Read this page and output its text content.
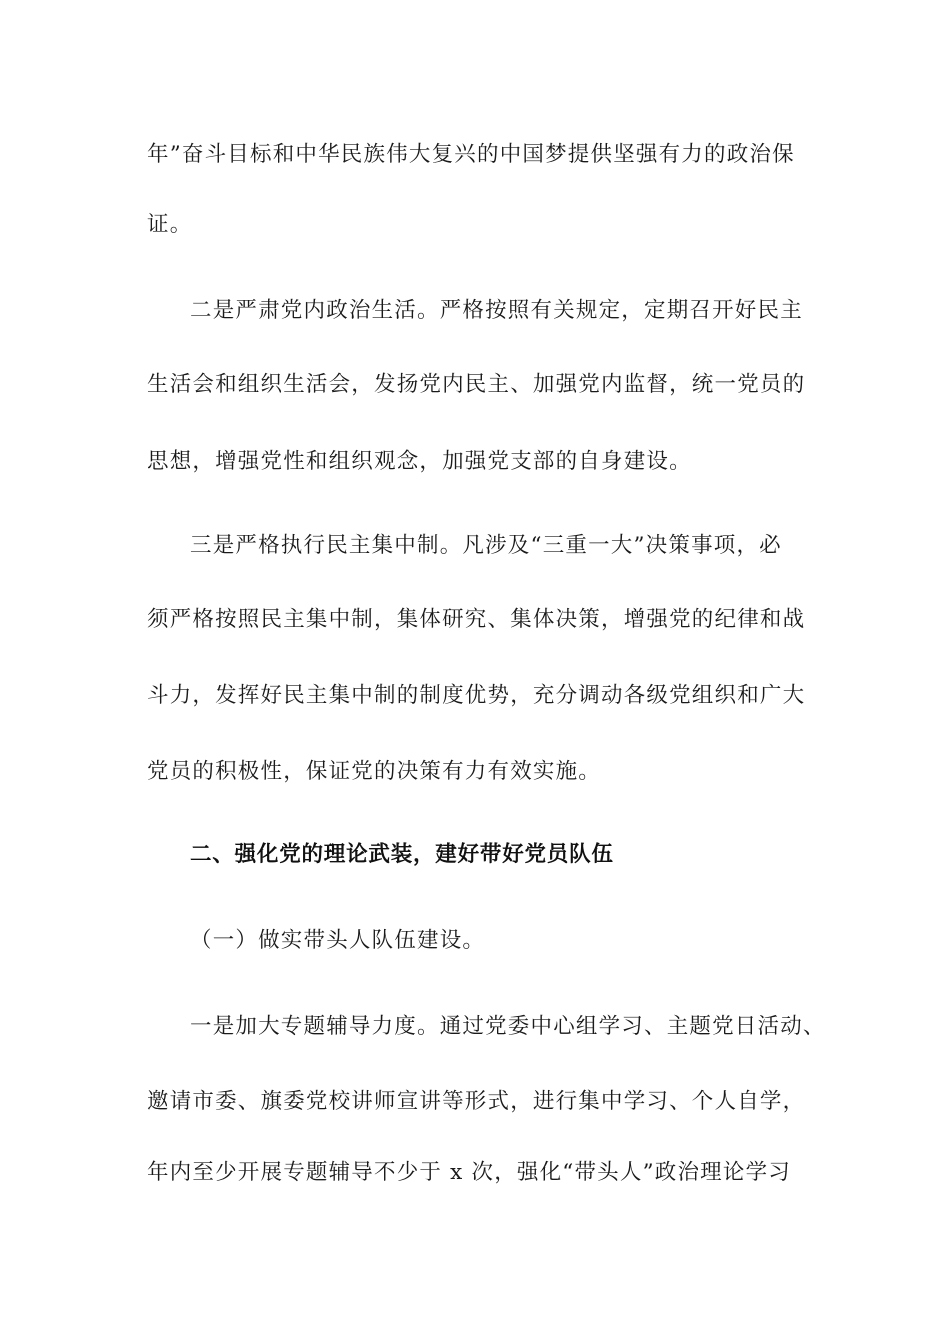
年”奋斗目标和中华民族伟大复兴的中国梦提供坚强有力的政治保
证。
二是严肃党内政治生活。严格按照有关规定，定期召开好民主
生活会和组织生活会，发扬党内民主、加强党内监督，统一党员的
思想，增强党性和组织观念，加强党支部的自身建设。
三是严格执行民主集中制。凡涉及“三重一大”决策事项，必
须严格按照民主集中制，集体研究、集体决策，增强党的纪律和战
斗力，发挥好民主集中制的制度优势，充分调动各级党组织和广大
党员的积极性，保证党的决策有力有效实施。
二、强化党的理论武装，建好带好党员队伍
（一）做实带头人队伍建设。
一是加大专题辅导力度。通过党委中心组学习、主题党日活动、
邀请市委、旗委党校讲师宣讲等形式，进行集中学习、个人自学，
年内至少开展专题辅导不少于 x 次，强化“带头人”政治理论学习
